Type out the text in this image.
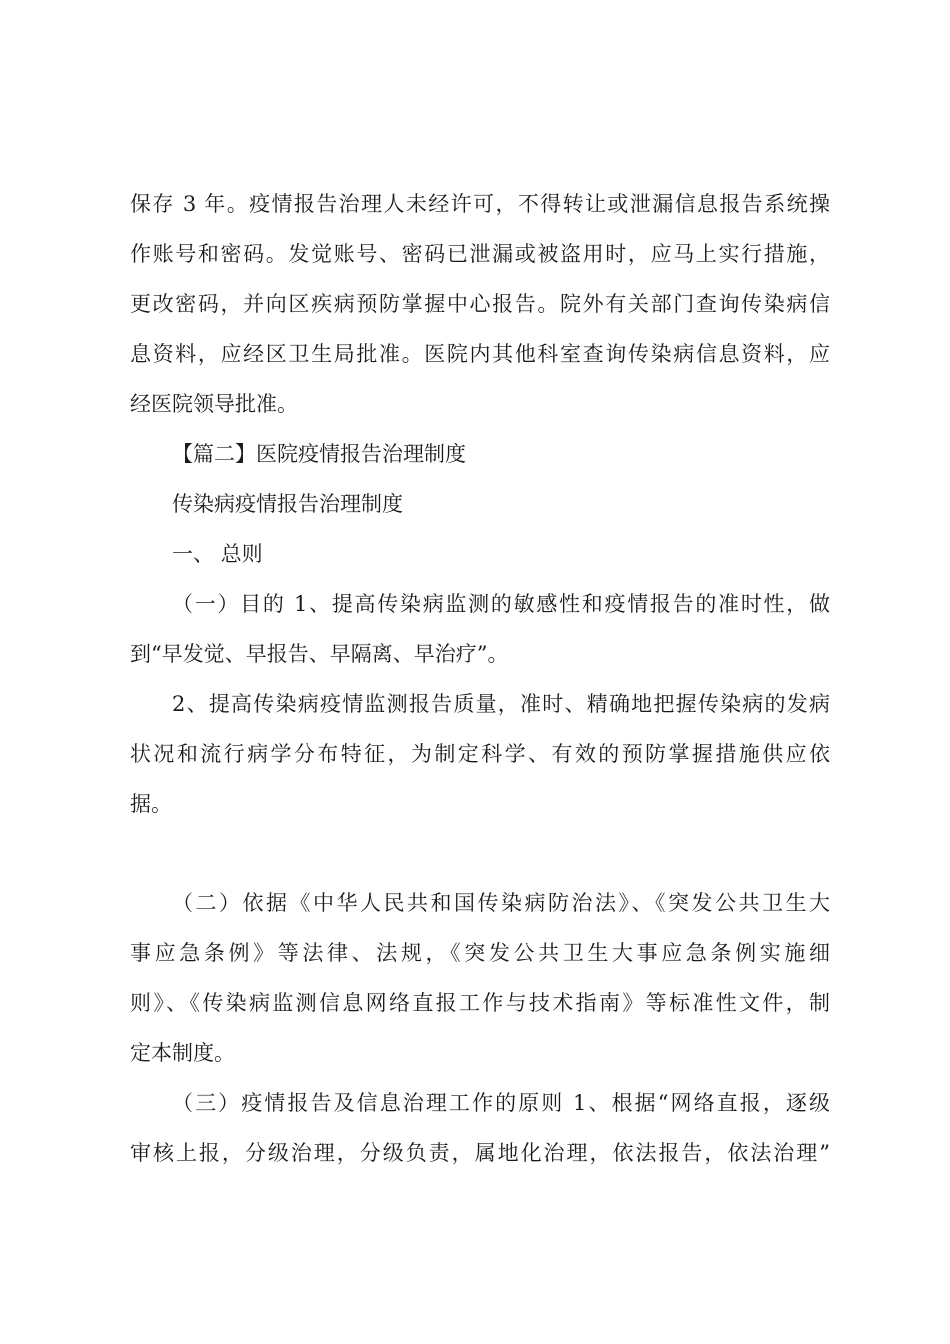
保存 3 年。疫情报告治理人未经许可，不得转让或泄漏信息报告系统操
作账号和密码。发觉账号、密码已泄漏或被盗用时，应马上实行措施，
更改密码，并向区疾病预防掌握中心报告。院外有关部门查询传染病信
息资料，应经区卫生局批准。医院内其他科室查询传染病信息资料，应
经医院领导批准。
【篇二】医院疫情报告治理制度
传染病疫情报告治理制度
一、 总则
（一）目的 1、提高传染病监测的敏感性和疫情报告的准时性，做
到“早发觉、早报告、早隔离、早治疗”。
2、提高传染病疫情监测报告质量，准时、精确地把握传染病的发病
状况和流行病学分布特征，为制定科学、有效的预防掌握措施供应依
据。
（二）依据《中华人民共和国传染病防治法》、《突发公共卫生大
事应急条例》等法律、法规，《突发公共卫生大事应急条例实施细
则》、《传染病监测信息网络直报工作与技术指南》等标准性文件，制
定本制度。
（三）疫情报告及信息治理工作的原则 1、根据“网络直报，逐级
审核上报，分级治理，分级负责，属地化治理，依法报告，依法治理”
